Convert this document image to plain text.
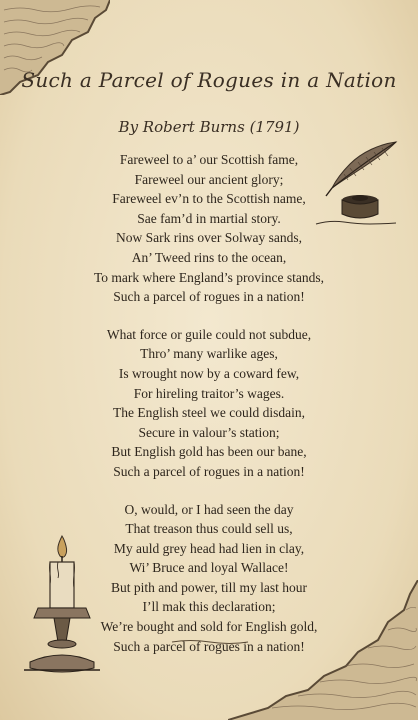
Such a Parcel of Rogues in a Nation
By Robert Burns (1791)
Fareweel to a’ our Scottish fame,
Fareweel our ancient glory;
Fareweel ev’n to the Scottish name,
Sae fam’d in martial story.
Now Sark rins over Solway sands,
An’ Tweed rins to the ocean,
To mark where England’s province stands,
Such a parcel of rogues in a nation!
What force or guile could not subdue,
Thro’ many warlike ages,
Is wrought now by a coward few,
For hireling traitor’s wages.
The English steel we could disdain,
Secure in valour’s station;
But English gold has been our bane,
Such a parcel of rogues in a nation!
O, would, or I had seen the day
That treason thus could sell us,
My auld grey head had lien in clay,
Wi’ Bruce and loyal Wallace!
But pith and power, till my last hour
I’ll mak this declaration;
We’re bought and sold for English gold,
Such a parcel of rogues in a nation!
